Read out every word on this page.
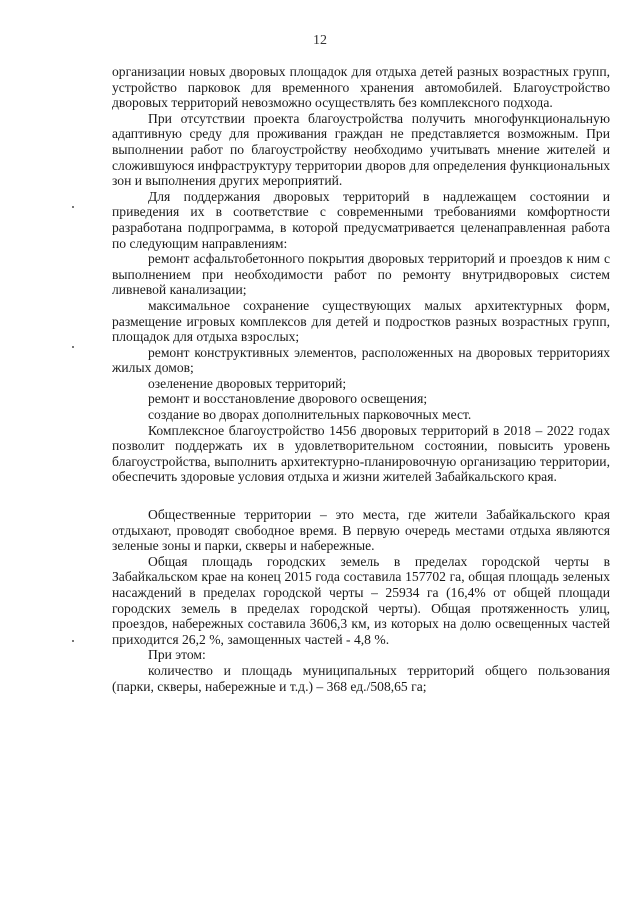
12

организации новых дворовых площадок для отдыха детей разных возрастных групп, устройство парковок для временного хранения автомобилей. Благоустройство дворовых территорий невозможно осуществлять без комплексного подхода.

При отсутствии проекта благоустройства получить многофункциональную адаптивную среду для проживания граждан не представляется возможным. При выполнении работ по благоустройству необходимо учитывать мнение жителей и сложившуюся инфраструктуру территории дворов для определения функциональных зон и выполнения других мероприятий.

Для поддержания дворовых территорий в надлежащем состоянии и приведения их в соответствие с современными требованиями комфортности разработана подпрограмма, в которой предусматривается целенаправленная работа по следующим направлениям:

ремонт асфальтобетонного покрытия дворовых территорий и проездов к ним с выполнением при необходимости работ по ремонту внутридворовых систем ливневой канализации;

максимальное сохранение существующих малых архитектурных форм, размещение игровых комплексов для детей и подростков разных возрастных групп, площадок для отдыха взрослых;

ремонт конструктивных элементов, расположенных на дворовых территориях жилых домов;

озеленение дворовых территорий;

ремонт и восстановление дворового освещения;

создание во дворах дополнительных парковочных мест.

Комплексное благоустройство 1456 дворовых территорий в 2018 – 2022 годах позволит поддержать их в удовлетворительном состоянии, повысить уровень благоустройства, выполнить архитектурно-планировочную организацию территории, обеспечить здоровые условия отдыха и жизни жителей Забайкальского края.

Общественные территории – это места, где жители Забайкальского края отдыхают, проводят свободное время. В первую очередь местами отдыха являются зеленые зоны и парки, скверы и набережные.

Общая площадь городских земель в пределах городской черты в Забайкальском крае на конец 2015 года составила 157702 га, общая площадь зеленых насаждений в пределах городской черты – 25934 га (16,4% от общей площади городских земель в пределах городской черты). Общая протяженность улиц, проездов, набережных составила 3606,3 км, из которых на долю освещенных частей приходится 26,2 %, замощенных частей - 4,8 %.

При этом:

количество и площадь муниципальных территорий общего пользования (парки, скверы, набережные и т.д.) – 368 ед./508,65 га;
